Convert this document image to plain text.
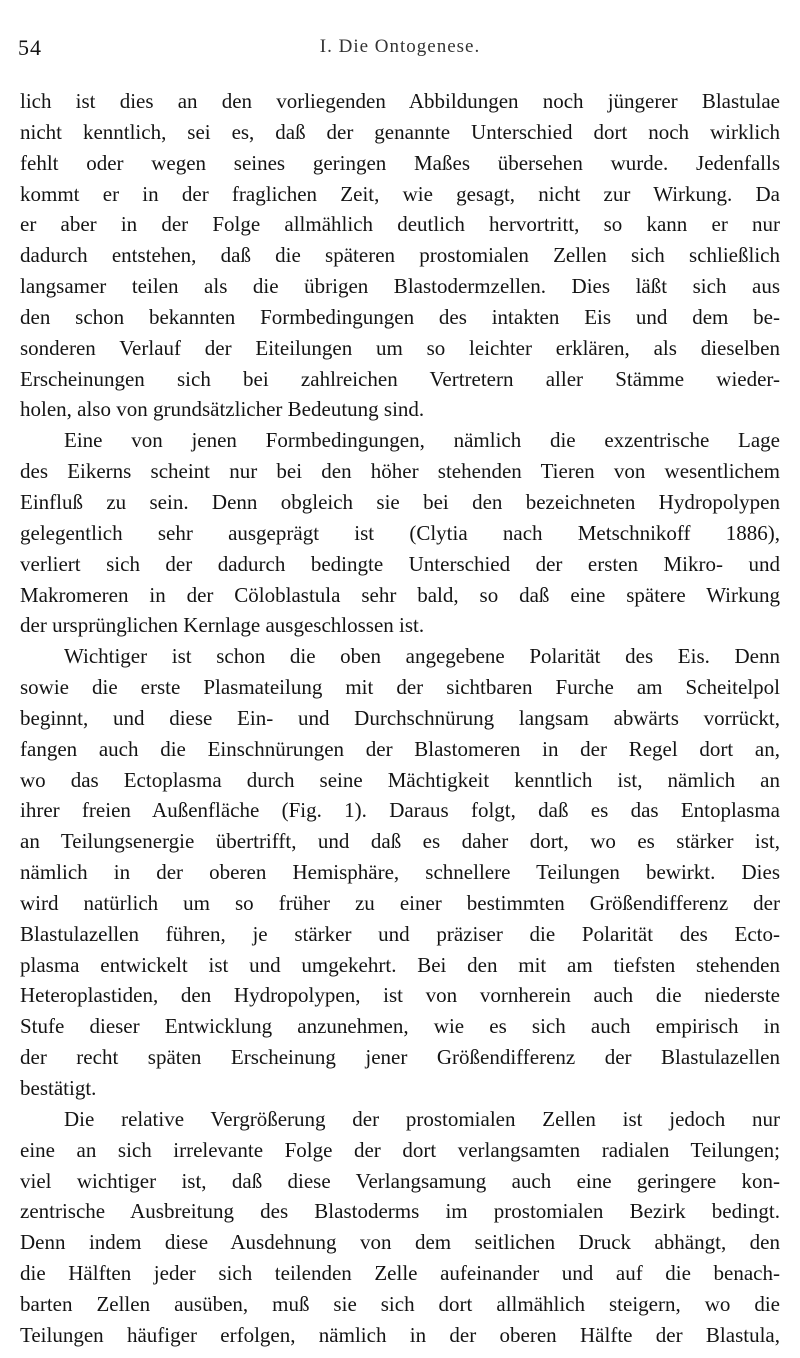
54	I. Die Ontogenese.
lich ist dies an den vorliegenden Abbildungen noch jüngerer Blastulae
nicht kenntlich, sei es, daß der genannte Unterschied dort noch wirklich
fehlt oder wegen seines geringen Maßes übersehen wurde. Jedenfalls
kommt er in der fraglichen Zeit, wie gesagt, nicht zur Wirkung. Da
er aber in der Folge allmählich deutlich hervortritt, so kann er nur
dadurch entstehen, daß die späteren prostomialen Zellen sich schließlich
langsamer teilen als die übrigen Blastodermzellen. Dies läßt sich aus
den schon bekannten Formbedingungen des intakten Eis und dem be-
sonderen Verlauf der Eiteilungen um so leichter erklären, als dieselben
Erscheinungen sich bei zahlreichen Vertretern aller Stämme wieder-
holen, also von grundsätzlicher Bedeutung sind.
Eine von jenen Formbedingungen, nämlich die exzentrische Lage
des Eikerns scheint nur bei den höher stehenden Tieren von wesentlichem
Einfluß zu sein. Denn obgleich sie bei den bezeichneten Hydropolypen
gelegentlich sehr ausgeprägt ist (Clytia nach Metschnikoff 1886),
verliert sich der dadurch bedingte Unterschied der ersten Mikro- und
Makromeren in der Cöloblastula sehr bald, so daß eine spätere Wirkung
der ursprünglichen Kernlage ausgeschlossen ist.
Wichtiger ist schon die oben angegebene Polarität des Eis. Denn
sowie die erste Plasmateilung mit der sichtbaren Furche am Scheitelpol
beginnt, und diese Ein- und Durchschnürung langsam abwärts vorrückt,
fangen auch die Einschnürungen der Blastomeren in der Regel dort an,
wo das Ectoplasma durch seine Mächtigkeit kenntlich ist, nämlich an
ihrer freien Außenfläche (Fig. 1). Daraus folgt, daß es das Entoplasma
an Teilungsenergie übertrifft, und daß es daher dort, wo es stärker ist,
nämlich in der oberen Hemisphäre, schnellere Teilungen bewirkt. Dies
wird natürlich um so früher zu einer bestimmten Größendifferenz der
Blastulazellen führen, je stärker und präziser die Polarität des Ecto-
plasma entwickelt ist und umgekehrt. Bei den mit am tiefsten stehenden
Heteroplastiden, den Hydropolypen, ist von vornherein auch die niederste
Stufe dieser Entwicklung anzunehmen, wie es sich auch empirisch in
der recht späten Erscheinung jener Größendifferenz der Blastulazellen
bestätigt.
Die relative Vergrößerung der prostomialen Zellen ist jedoch nur
eine an sich irrelevante Folge der dort verlangsamten radialen Teilungen;
viel wichtiger ist, daß diese Verlangsamung auch eine geringere kon-
zentrische Ausbreitung des Blastoderms im prostomialen Bezirk bedingt.
Denn indem diese Ausdehnung von dem seitlichen Druck abhängt, den
die Hälften jeder sich teilenden Zelle aufeinander und auf die benach-
barten Zellen ausüben, muß sie sich dort allmählich steigern, wo die
Teilungen häufiger erfolgen, nämlich in der oberen Hälfte der Blastula,
